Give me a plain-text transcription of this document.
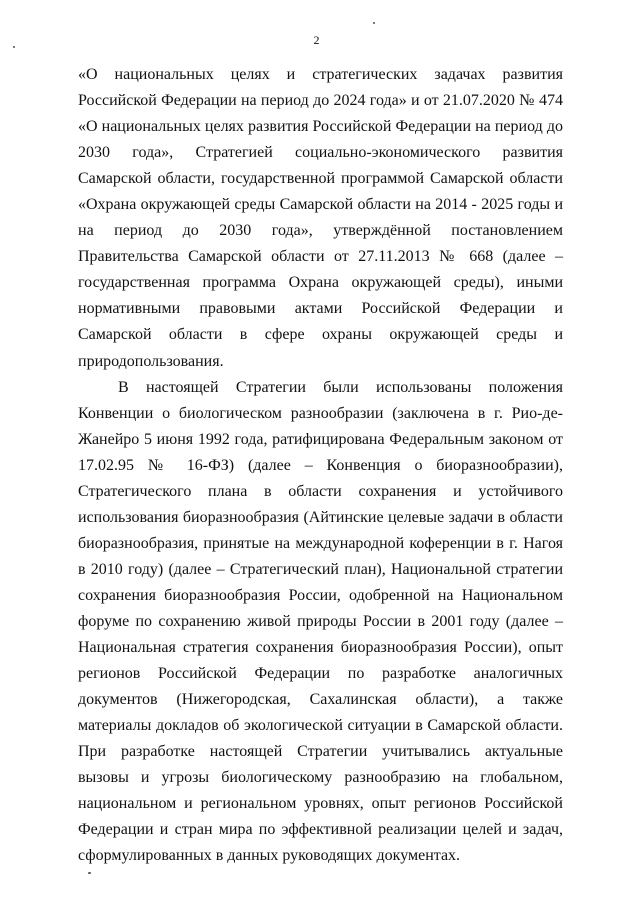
2

«О национальных целях и стратегических задачах развития Российской Федерации на период до 2024 года» и от 21.07.2020 № 474 «О национальных целях развития Российской Федерации на период до 2030 года», Стратегией социально-экономического развития Самарской области, государственной программой Самарской области «Охрана окружающей среды Самарской области на 2014 - 2025 годы и на период до 2030 года», утверждённой постановлением Правительства Самарской области от 27.11.2013 № 668 (далее – государственная программа Охрана окружающей среды), иными нормативными правовыми актами Российской Федерации и Самарской области в сфере охраны окружающей среды и природопользования.

В настоящей Стратегии были использованы положения Конвенции о биологическом разнообразии (заключена в г. Рио-де-Жанейро 5 июня 1992 года, ратифицирована Федеральным законом от 17.02.95 № 16-ФЗ) (далее – Конвенция о биоразнообразии), Стратегического плана в области сохранения и устойчивого использования биоразнообразия (Айтинские целевые задачи в области биоразнообразия, принятые на международной коференции в г. Нагоя в 2010 году) (далее – Стратегический план), Национальной стратегии сохранения биоразнообразия России, одобренной на Национальном форуме по сохранению живой природы России в 2001 году (далее – Национальная стратегия сохранения биоразнообразия России), опыт регионов Российской Федерации по разработке аналогичных документов (Нижегородская, Сахалинская области), а также материалы докладов об экологической ситуации в Самарской области. При разработке настоящей Стратегии учитывались актуальные вызовы и угрозы биологическому разнообразию на глобальном, национальном и региональном уровнях, опыт регионов Российской Федерации и стран мира по эффективной реализации целей и задач, сформулированных в данных руководящих документах.
